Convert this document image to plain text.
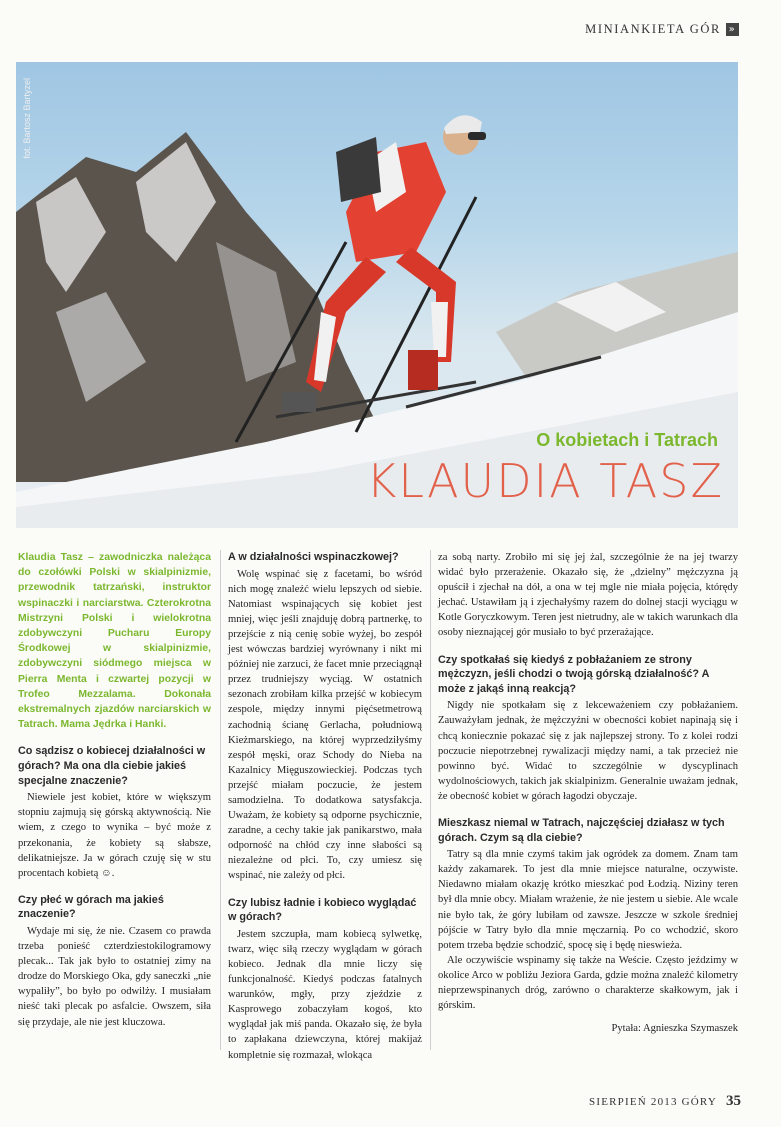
MINIANKIETA GÓR »
fot. Bartosz Bartyzel
O kobietach i Tatrach
KLAUDIA TASZ

Klaudia Tasz – zawodniczka należąca do czołówki Polski w skialpinizmie, przewodnik tatrzański, instruktor wspinaczki i narciarstwa. Czterokrotna Mistrzyni Polski i wielokrotna zdobywczyni Pucharu Europy Środkowej w skialpinizmie, zdobywczyni siódmego miejsca w Pierra Menta i czwartej pozycji w Trofeo Mezzalama. Dokonała ekstremalnych zjazdów narciarskich w Tatrach. Mama Jędrka i Hanki.

Co sądzisz o kobiecej działalności w górach? Ma ona dla ciebie jakieś specjalne znaczenie?

Niewiele jest kobiet, które w większym stopniu zajmują się górską aktywnością. Nie wiem, z czego to wynika – być może z przekonania, że kobiety są słabsze, delikatniejsze. Ja w górach czuję się w stu procentach kobietą ☺.

Czy płeć w górach ma jakieś znaczenie?

Wydaje mi się, że nie. Czasem co prawda trzeba ponieść czterdziestokilogramowy plecak... Tak jak było to ostatniej zimy na drodze do Morskiego Oka, gdy saneczki „nie wypaliły”, bo było po odwilży. I musiałam nieść taki plecak po asfalcie. Owszem, siła się przydaje, ale nie jest kluczowa.

A w działalności wspinaczkowej?

Wolę wspinać się z facetami, bo wśród nich mogę znaleźć wielu lepszych od siebie. Natomiast wspinających się kobiet jest mniej, więc jeśli znajduję dobrą partnerkę, to przejście z nią cenię sobie wyżej, bo zespół jest wówczas bardziej wyrównany i nikt mi później nie zarzuci, że facet mnie przeciągnął przez trudniejszy wyciąg. W ostatnich sezonach zrobiłam kilka przejść w kobiecym zespole, między innymi pięćsetmetrową zachodnią ścianę Gerlacha, południową Kieżmarskiego, na której wyprzedziłyśmy zespół męski, oraz Schody do Nieba na Kazalnicy Mięguszowieckiej. Podczas tych przejść miałam poczucie, że jestem samodzielna. To dodatkowa satysfakcja. Uważam, że kobiety są odporne psychicznie, zaradne, a cechy takie jak panikarstwo, mała odporność na chłód czy inne słabości są niezależne od płci. To, czy umiesz się wspinać, nie zależy od płci.

Czy lubisz ładnie i kobieco wyglądać w górach?

Jestem szczupła, mam kobiecą sylwetkę, twarz, więc siłą rzeczy wyglądam w górach kobieco. Jednak dla mnie liczy się funkcjonalność. Kiedyś podczas fatalnych warunków, mgły, przy zjeździe z Kasprowego zobaczyłam kogoś, kto wyglądał jak miś panda. Okazało się, że była to zapłakana dziewczyna, której makijaż kompletnie się rozmazał, wlokąca

za sobą narty. Zrobiło mi się jej żal, szczególnie że na jej twarzy widać było przerażenie. Okazało się, że „dzielny” mężczyzna ją opuścił i zjechał na dół, a ona w tej mgle nie miała pojęcia, którędy jechać. Ustawiłam ją i zjechałyśmy razem do dolnej stacji wyciągu w Kotle Goryczkowym. Teren jest nietrudny, ale w takich warunkach dla osoby nieznającej gór musiało to być przerażające.

Czy spotkałaś się kiedyś z pobłażaniem ze strony mężczyzn, jeśli chodzi o twoją górską działalność? A może z jakąś inną reakcją?

Nigdy nie spotkałam się z lekceważeniem czy pobłażaniem. Zauważyłam jednak, że mężczyźni w obecności kobiet napinają się i chcą koniecznie pokazać się z jak najlepszej strony. To z kolei rodzi poczucie niepotrzebnej rywalizacji między nami, a tak przecież nie powinno być. Widać to szczególnie w dyscyplinach wydolnościowych, takich jak skialpinizm. Generalnie uważam jednak, że obecność kobiet w górach łagodzi obyczaje.

Mieszkasz niemal w Tatrach, najczęściej działasz w tych górach. Czym są dla ciebie?

Tatry są dla mnie czymś takim jak ogródek za domem. Znam tam każdy zakamarek. To jest dla mnie miejsce naturalne, oczywiste. Niedawno miałam okazję krótko mieszkać pod Łodzią. Niziny teren był dla mnie obcy. Miałam wrażenie, że nie jestem u siebie. Ale wcale nie było tak, że góry lubiłam od zawsze. Jeszcze w szkole średniej pójście w Tatry było dla mnie męczarnią. Po co wchodzić, skoro potem trzeba będzie schodzić, spocę się i będę nieswieża.

Ale oczywiście wspinamy się także na Weście. Często jeździmy w okolice Arco w pobliżu Jeziora Garda, gdzie można znaleźć kilometry nieprzewspinanych dróg, zarówno o charakterze skałkowym, jak i górskim.

Pytała: Agnieszka Szymaszek

SIERPIEŃ 2013 GÓRY 35
